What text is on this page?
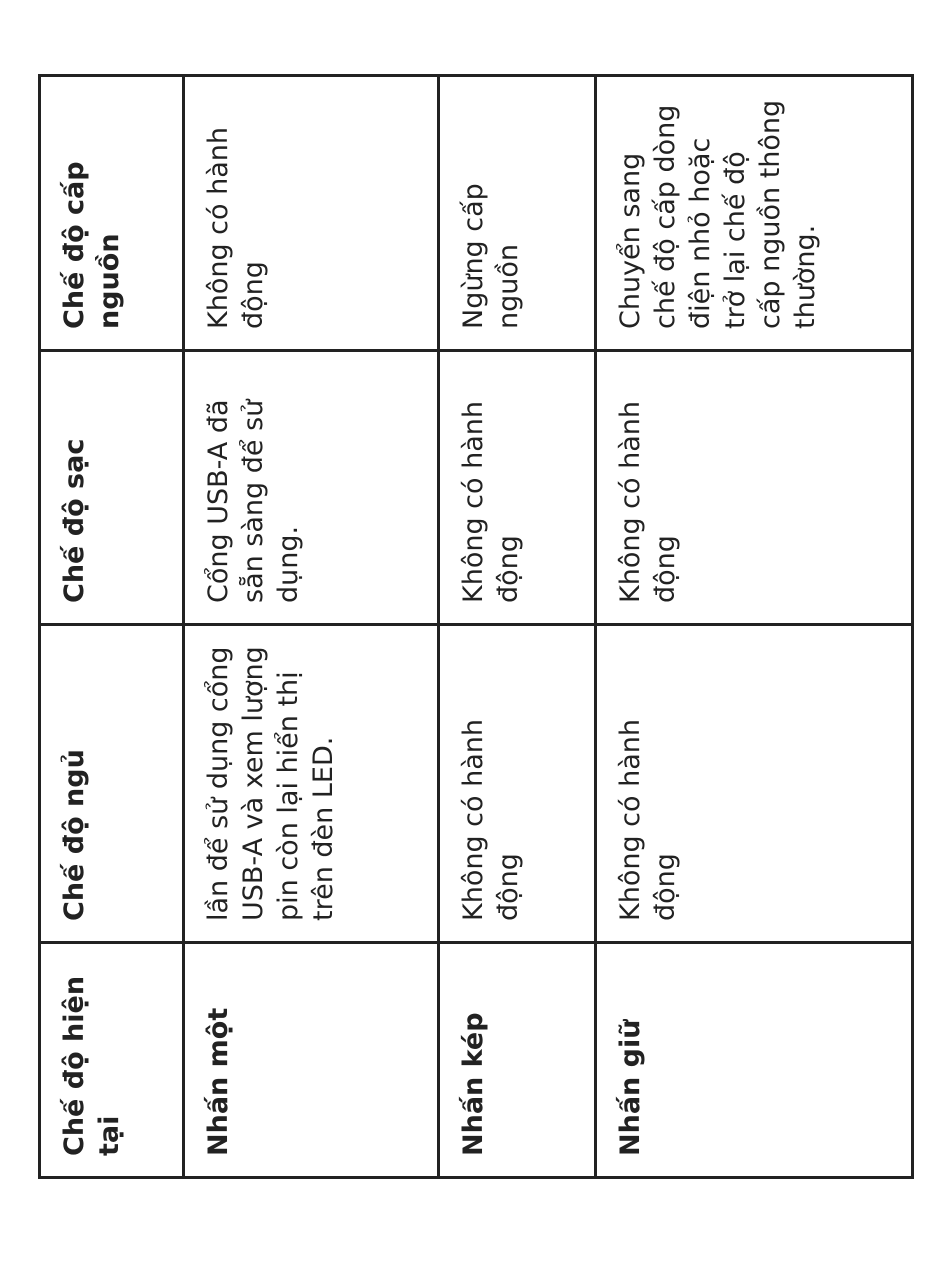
Chế độ hiện tại	Chế độ ngủ	Chế độ sạc	Chế độ cấp nguồn
Nhấn một	lần để sử dụng cổng USB-A và xem lượng pin còn lại hiển thị trên đèn LED.	Cổng USB-A đã sẵn sàng để sử dụng.	Không có hành động
Nhấn kép	Không có hành động	Không có hành động	Ngừng cấp nguồn
Nhấn giữ	Không có hành động	Không có hành động	Chuyển sang chế độ cấp dòng điện nhỏ hoặc trở lại chế độ cấp nguồn thông thường.
